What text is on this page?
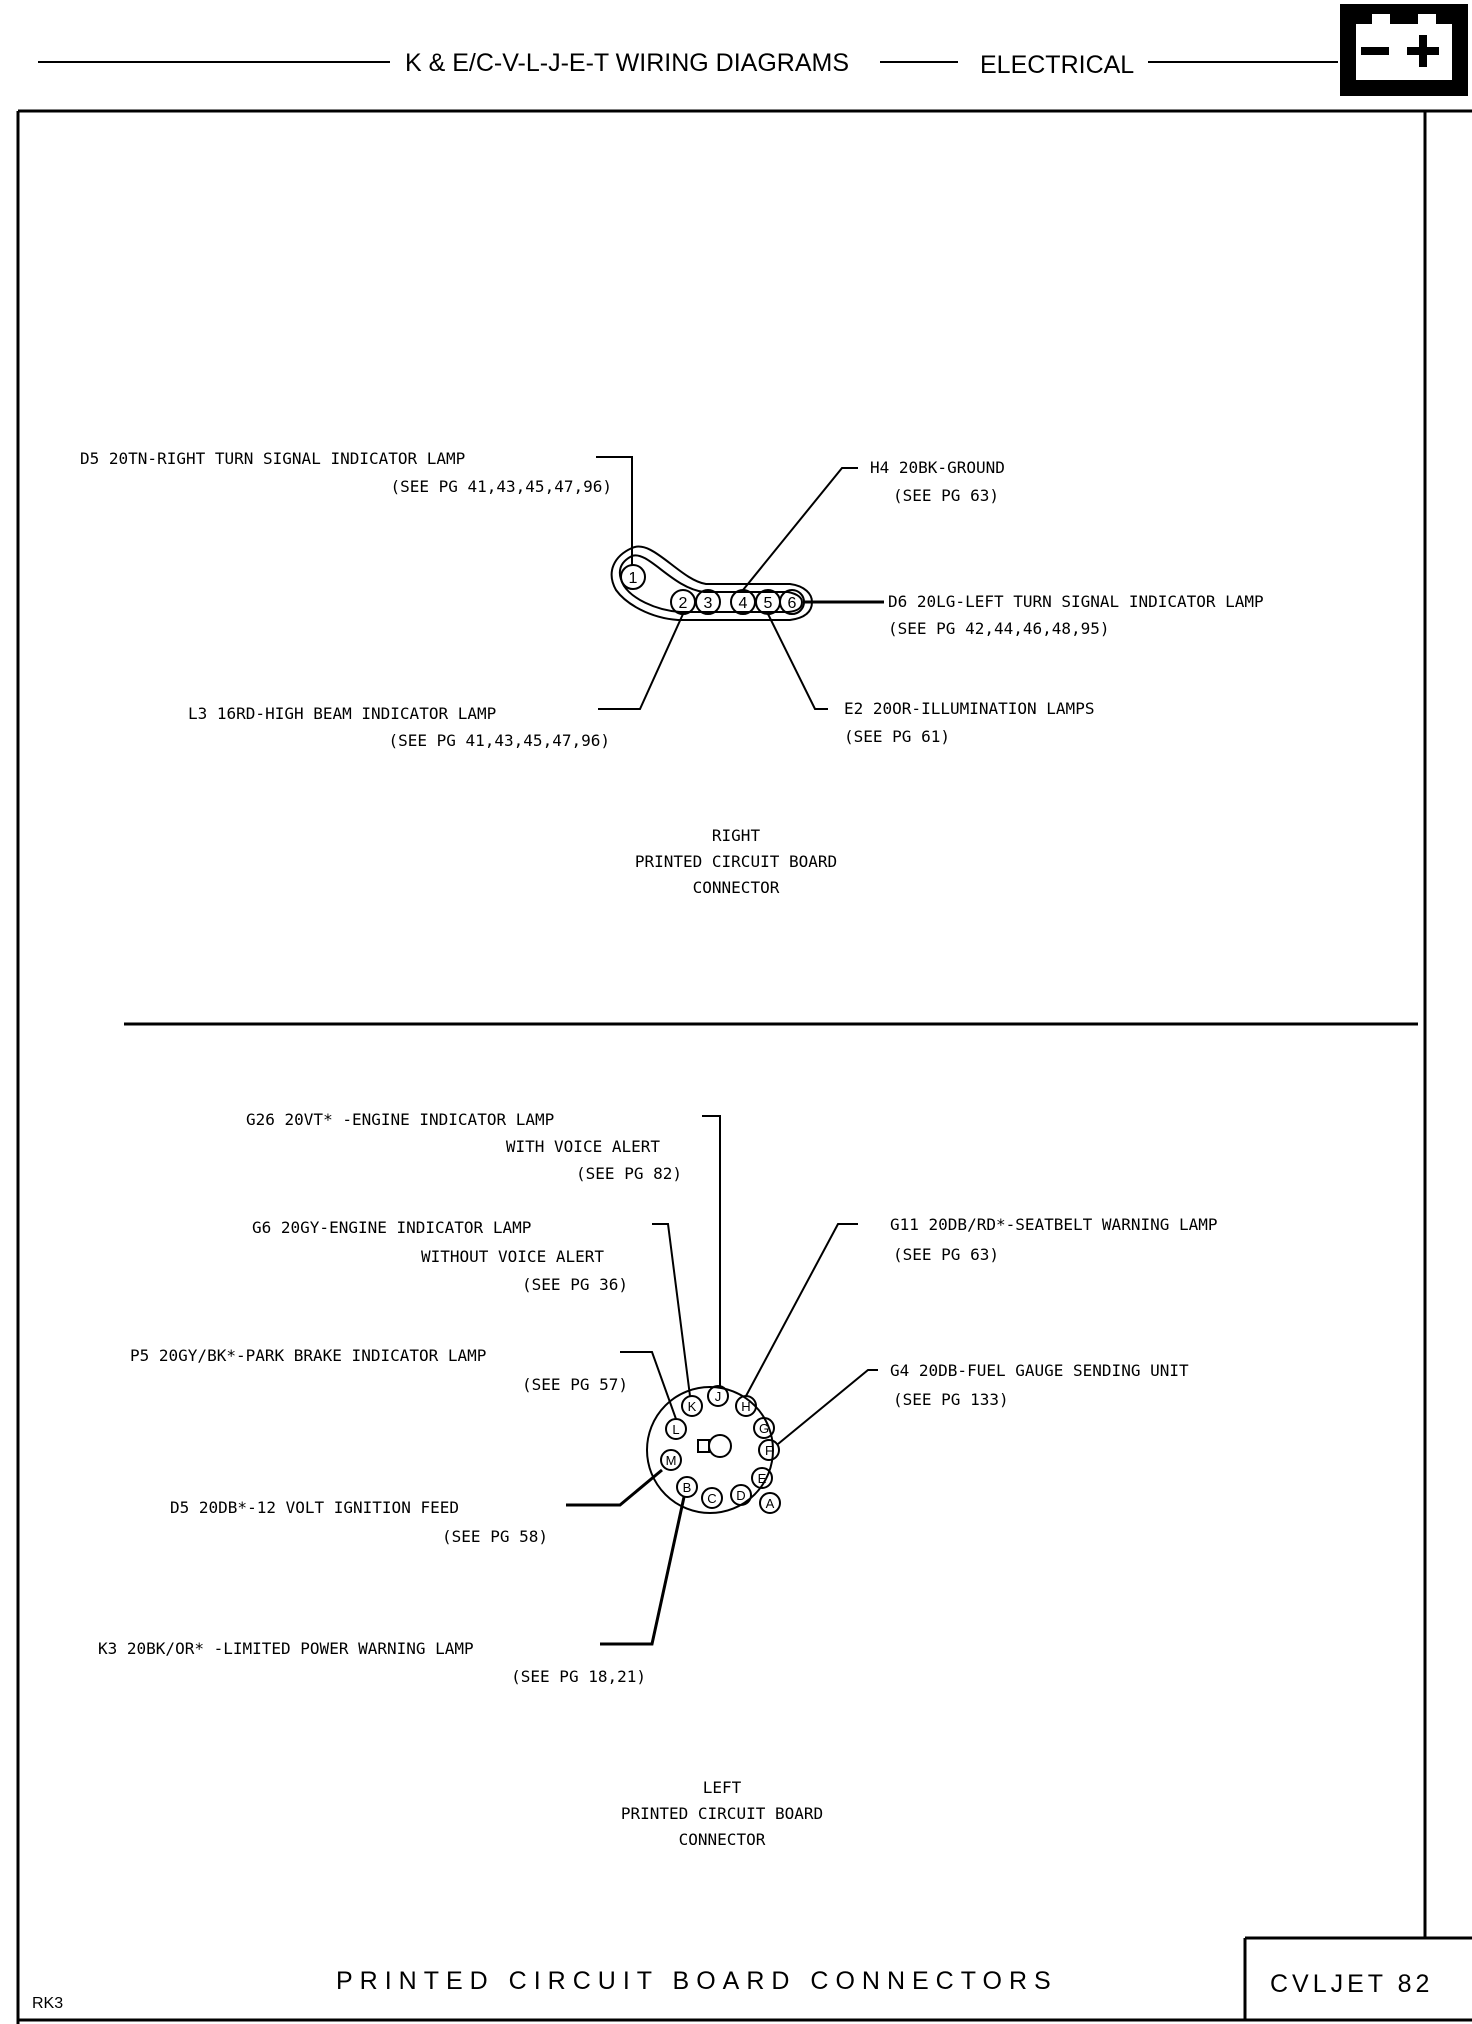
K & E/C-V-L-J-E-T WIRING DIAGRAMS	ELECTRICAL
1
2 3 4 5 6
D5 20TN-RIGHT TURN SIGNAL INDICATOR LAMP
(SEE PG 41,43,45,47,96)
H4 20BK-GROUND
(SEE PG 63)
D6 20LG-LEFT TURN SIGNAL INDICATOR LAMP
(SEE PG 42,44,46,48,95)
L3 16RD-HIGH BEAM INDICATOR LAMP
(SEE PG 41,43,45,47,96)
E2 20OR-ILLUMINATION LAMPS
(SEE PG 61)
RIGHT
PRINTED CIRCUIT BOARD
CONNECTOR
A
B
C D
E
F
G
H
J
K
L
M
G26 20VT* -ENGINE INDICATOR LAMP
WITH VOICE ALERT
(SEE PG 82)
G6 20GY-ENGINE INDICATOR LAMP
WITHOUT VOICE ALERT
(SEE PG 36)
G11 20DB/RD*-SEATBELT WARNING LAMP
(SEE PG 63)
P5 20GY/BK*-PARK BRAKE INDICATOR LAMP
(SEE PG 57)
G4 20DB-FUEL GAUGE SENDING UNIT
(SEE PG 133)
D5 20DB*-12 VOLT IGNITION FEED
(SEE PG 58)
K3 20BK/OR* -LIMITED POWER WARNING LAMP
(SEE PG 18,21)
LEFT
PRINTED CIRCUIT BOARD
CONNECTOR
PRINTED CIRCUIT BOARD CONNECTORS	CVLJET 82
RK3
